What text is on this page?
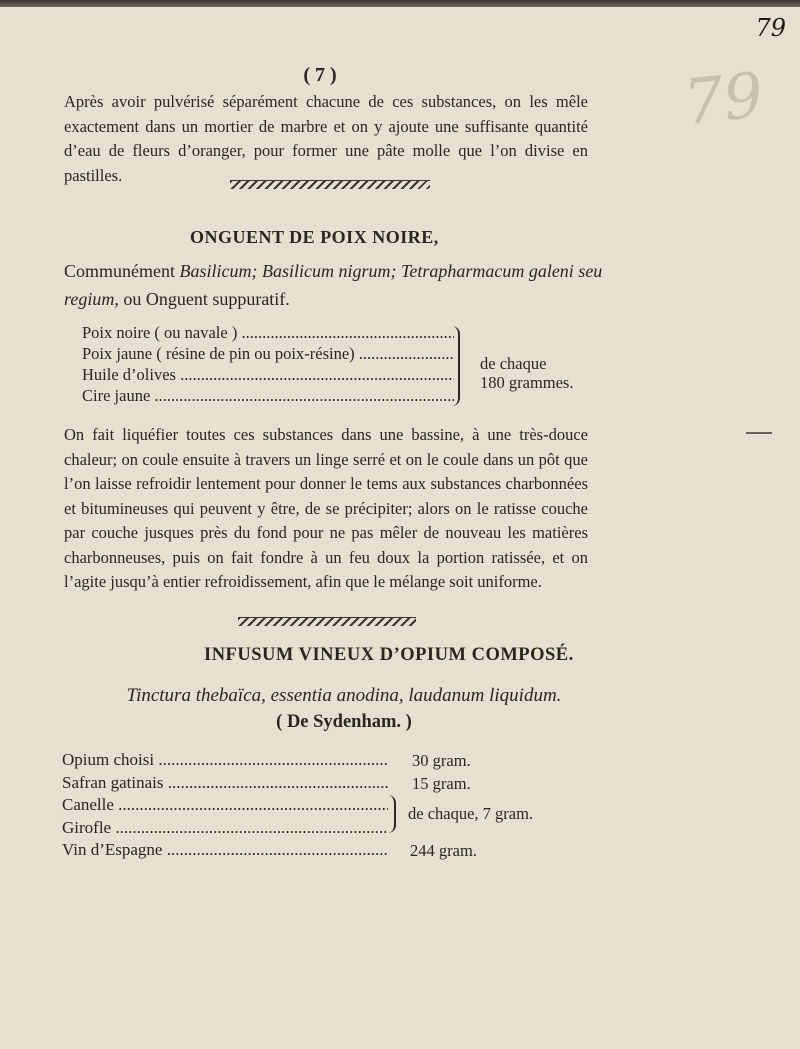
79
79
( 7 )

Après avoir pulvérisé séparément chacune de ces substances, on les mêle exactement dans un mortier de marbre et on y ajoute une suffisante quantité d’eau de fleurs d’oranger, pour former une pâte molle que l’on divise en pastilles.

ONGUENT DE POIX NOIRE,

Communément Basilicum; Basilicum nigrum; Tetrapharmacum galeni seu regium, ou Onguent suppuratif.

Poix noire ( ou navale ) .....
Poix jaune ( résine de pin ou poix-résine) .....
Huile d’olives .....
Cire jaune .....
de chaque
180 grammes.

On fait liquéfier toutes ces substances dans une bassine, à une très-douce chaleur; on coule ensuite à travers un linge serré et on le coule dans un pôt que l’on laisse refroidir lentement pour donner le tems aux substances charbonnées et bitumineuses qui peuvent y être, de se précipiter; alors on le ratisse couche par couche jusques près du fond pour ne pas mêler de nouveau les matières charbonneuses, puis on fait fondre à un feu doux la portion ratissée, et on l’agite jusqu’à entier refroidissement, afin que le mélange soit uniforme.

INFUSUM VINEUX D’OPIUM COMPOSÉ.

Tinctura thebaïca, essentia anodina, laudanum liquidum.

( De Sydenham. )

Opium choisi .....
Safran gatinais .....
Canelle .....
Girofle .....
Vin d’Espagne .....
30 gram.
15 gram.
de chaque, 7 gram.
244 gram.
